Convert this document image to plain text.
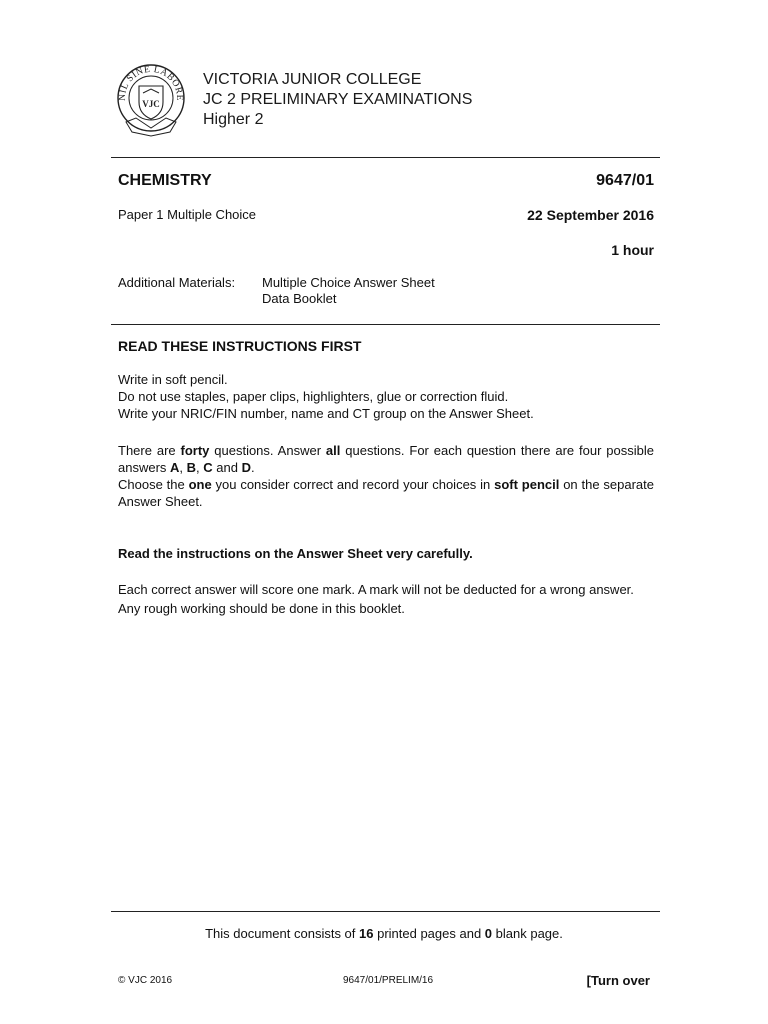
NIL SINE LABORE
VJC
VICTORIA JUNIOR COLLEGE
JC 2 PRELIMINARY EXAMINATIONS
Higher 2
CHEMISTRY	9647/01
Paper 1 Multiple Choice	22 September 2016
1 hour
Additional Materials: Multiple Choice Answer Sheet
Data Booklet
READ THESE INSTRUCTIONS FIRST

Write in soft pencil.

Do not use staples, paper clips, highlighters, glue or correction fluid.

Write your NRIC/FIN number, name and CT group on the Answer Sheet.

There are forty questions. Answer all questions. For each question there are four possible answers A, B, C and D.

Choose the one you consider correct and record your choices in soft pencil on the separate Answer Sheet.

Read the instructions on the Answer Sheet very carefully.

Each correct answer will score one mark. A mark will not be deducted for a wrong answer.

Any rough working should be done in this booklet.

This document consists of 16 printed pages and 0 blank page.
© VJC 2016	9647/01/PRELIM/16	[Turn over
